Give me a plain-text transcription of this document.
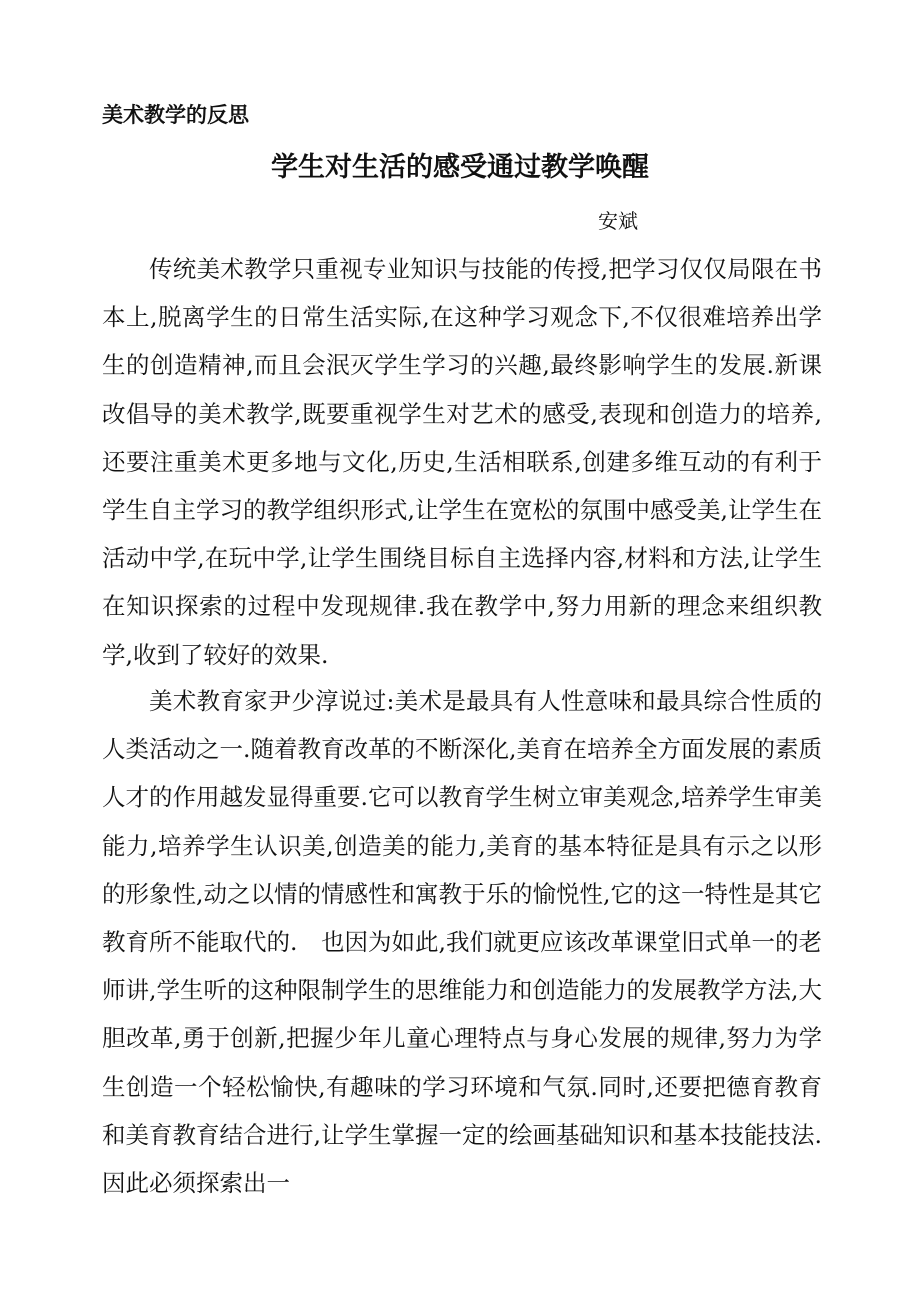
美术教学的反思
学生对生活的感受通过教学唤醒
安斌

传统美术教学只重视专业知识与技能的传授,把学习仅仅局限在书本上,脱离学生的日常生活实际,在这种学习观念下,不仅很难培养出学生的创造精神,而且会泯灭学生学习的兴趣,最终影响学生的发展.新课改倡导的美术教学,既要重视学生对艺术的感受,表现和创造力的培养,还要注重美术更多地与文化,历史,生活相联系,创建多维互动的有利于学生自主学习的教学组织形式,让学生在宽松的氛围中感受美,让学生在活动中学,在玩中学,让学生围绕目标自主选择内容,材料和方法,让学生在知识探索的过程中发现规律.我在教学中,努力用新的理念来组织教学,收到了较好的效果.

美术教育家尹少淳说过:美术是最具有人性意味和最具综合性质的人类活动之一.随着教育改革的不断深化,美育在培养全方面发展的素质人才的作用越发显得重要.它可以教育学生树立审美观念,培养学生审美能力,培养学生认识美,创造美的能力,美育的基本特征是具有示之以形的形象性,动之以情的情感性和寓教于乐的愉悦性,它的这一特性是其它教育所不能取代的.　也因为如此,我们就更应该改革课堂旧式单一的老师讲,学生听的这种限制学生的思维能力和创造能力的发展教学方法,大胆改革,勇于创新,把握少年儿童心理特点与身心发展的规律,努力为学生创造一个轻松愉快,有趣味的学习环境和气氛.同时,还要把德育教育和美育教育结合进行,让学生掌握一定的绘画基础知识和基本技能技法.因此必须探索出一
